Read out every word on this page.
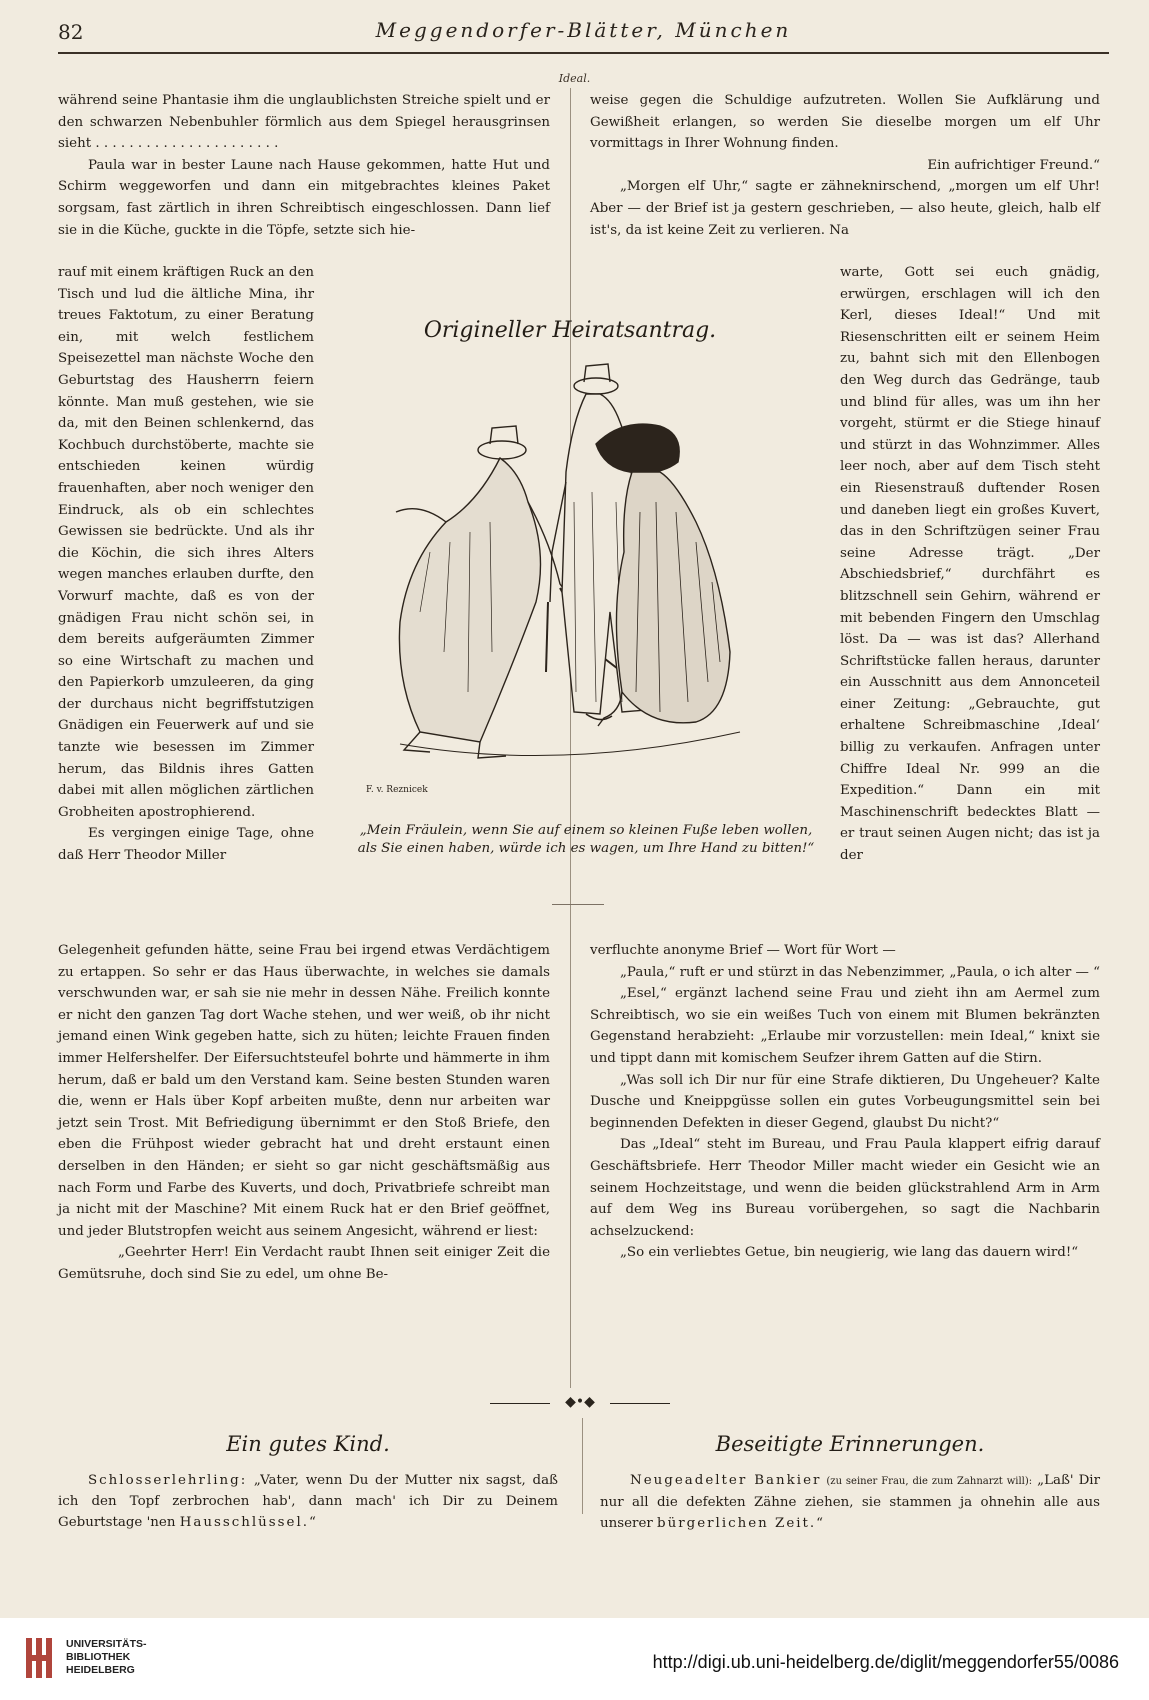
82	Meggendorfer-Blätter, München
Ideal.

während seine Phantasie ihm die unglaublichsten Streiche spielt und er den schwarzen Nebenbuhler förmlich aus dem Spiegel herausgrinsen sieht . . . . . . . . . . . . . . . . . . . . . .

Paula war in bester Laune nach Hause gekommen, hatte Hut und Schirm weggeworfen und dann ein mitgebrachtes kleines Paket sorgsam, fast zärtlich in ihren Schreibtisch eingeschlossen. Dann lief sie in die Küche, guckte in die Töpfe, setzte sich hie-

weise gegen die Schuldige aufzutreten. Wollen Sie Aufklärung und Gewißheit erlangen, so werden Sie dieselbe morgen um elf Uhr vormittags in Ihrer Wohnung finden.

Ein aufrichtiger Freund.“

„Morgen elf Uhr,“ sagte er zähneknirschend, „morgen um elf Uhr! Aber — der Brief ist ja gestern geschrieben, — also heute, gleich, halb elf ist's, da ist keine Zeit zu verlieren. Na

rauf mit einem kräftigen Ruck an den Tisch und lud die ältliche Mina, ihr treues Faktotum, zu einer Beratung ein, mit welch festlichem Speisezettel man nächste Woche den Geburtstag des Hausherrn feiern könnte. Man muß gestehen, wie sie da, mit den Beinen schlenkernd, das Kochbuch durchstöberte, machte sie entschieden keinen würdig frauenhaften, aber noch weniger den Eindruck, als ob ein schlechtes Gewissen sie bedrückte. Und als ihr die Köchin, die sich ihres Alters wegen manches erlauben durfte, den Vorwurf machte, daß es von der gnädigen Frau nicht schön sei, in dem bereits aufgeräumten Zimmer so eine Wirtschaft zu machen und den Papierkorb umzuleeren, da ging der durchaus nicht begriffstutzigen Gnädigen ein Feuerwerk auf und sie tanzte wie besessen im Zimmer herum, das Bildnis ihres Gatten dabei mit allen möglichen zärtlichen Grobheiten apostrophierend.

Es vergingen einige Tage, ohne daß Herr Theodor Miller

warte, Gott sei euch gnädig, erwürgen, erschlagen will ich den Kerl, dieses Ideal!“ Und mit Riesenschritten eilt er seinem Heim zu, bahnt sich mit den Ellenbogen den Weg durch das Gedränge, taub und blind für alles, was um ihn her vorgeht, stürmt er die Stiege hinauf und stürzt in das Wohnzimmer. Alles leer noch, aber auf dem Tisch steht ein Riesenstrauß duftender Rosen und daneben liegt ein großes Kuvert, das in den Schriftzügen seiner Frau seine Adresse trägt. „Der Abschiedsbrief,“ durchfährt es blitzschnell sein Gehirn, während er mit bebenden Fingern den Umschlag löst. Da — was ist das? Allerhand Schriftstücke fallen heraus, darunter ein Ausschnitt aus dem Annonceteil einer Zeitung: „Gebrauchte, gut erhaltene Schreibmaschine ‚Ideal‘ billig zu verkaufen. Anfragen unter Chiffre Ideal Nr. 999 an die Expedition.“ Dann ein mit Maschinenschrift bedecktes Blatt — er traut seinen Augen nicht; das ist ja der

Origineller Heiratsantrag.
F. v. Reznicek
„Mein Fräulein, wenn Sie auf einem so kleinen Fuße leben wollen, als Sie einen haben, würde ich es wagen, um Ihre Hand zu bitten!“

Gelegenheit gefunden hätte, seine Frau bei irgend etwas Verdächtigem zu ertappen. So sehr er das Haus überwachte, in welches sie damals verschwunden war, er sah sie nie mehr in dessen Nähe. Freilich konnte er nicht den ganzen Tag dort Wache stehen, und wer weiß, ob ihr nicht jemand einen Wink gegeben hatte, sich zu hüten; leichte Frauen finden immer Helfershelfer. Der Eifersuchtsteufel bohrte und hämmerte in ihm herum, daß er bald um den Verstand kam. Seine besten Stunden waren die, wenn er Hals über Kopf arbeiten mußte, denn nur arbeiten war jetzt sein Trost. Mit Befriedigung übernimmt er den Stoß Briefe, den eben die Frühpost wieder gebracht hat und dreht erstaunt einen derselben in den Händen; er sieht so gar nicht geschäftsmäßig aus nach Form und Farbe des Kuverts, und doch, Privatbriefe schreibt man ja nicht mit der Maschine? Mit einem Ruck hat er den Brief geöffnet, und jeder Blutstropfen weicht aus seinem Angesicht, während er liest:

„Geehrter Herr! Ein Verdacht raubt Ihnen seit einiger Zeit die Gemütsruhe, doch sind Sie zu edel, um ohne Be-

verfluchte anonyme Brief — Wort für Wort —

„Paula,“ ruft er und stürzt in das Nebenzimmer, „Paula, o ich alter — “

„Esel,“ ergänzt lachend seine Frau und zieht ihn am Aermel zum Schreibtisch, wo sie ein weißes Tuch von einem mit Blumen bekränzten Gegenstand herabzieht: „Erlaube mir vorzustellen: mein Ideal,“ knixt sie und tippt dann mit komischem Seufzer ihrem Gatten auf die Stirn.

„Was soll ich Dir nur für eine Strafe diktieren, Du Ungeheuer? Kalte Dusche und Kneippgüsse sollen ein gutes Vorbeugungsmittel sein bei beginnenden Defekten in dieser Gegend, glaubst Du nicht?“

Das „Ideal“ steht im Bureau, und Frau Paula klappert eifrig darauf Geschäftsbriefe. Herr Theodor Miller macht wieder ein Gesicht wie an seinem Hochzeitstage, und wenn die beiden glückstrahlend Arm in Arm auf dem Weg ins Bureau vorübergehen, so sagt die Nachbarin achselzuckend:

„So ein verliebtes Getue, bin neugierig, wie lang das dauern wird!“

◆•◆
Ein gutes Kind.

Schlosserlehrling: „Vater, wenn Du der Mutter nix sagst, daß ich den Topf zerbrochen hab', dann mach' ich Dir zu Deinem Geburtstage 'nen Hausschlüssel.“

Beseitigte Erinnerungen.

Neugeadelter Bankier (zu seiner Frau, die zum Zahnarzt will): „Laß' Dir nur all die defekten Zähne ziehen, sie stammen ja ohnehin alle aus unserer bürgerlichen Zeit.“

UNIVERSITÄTS-
BIBLIOTHEK
HEIDELBERG	http://digi.ub.uni-heidelberg.de/diglit/meggendorfer55/0086
